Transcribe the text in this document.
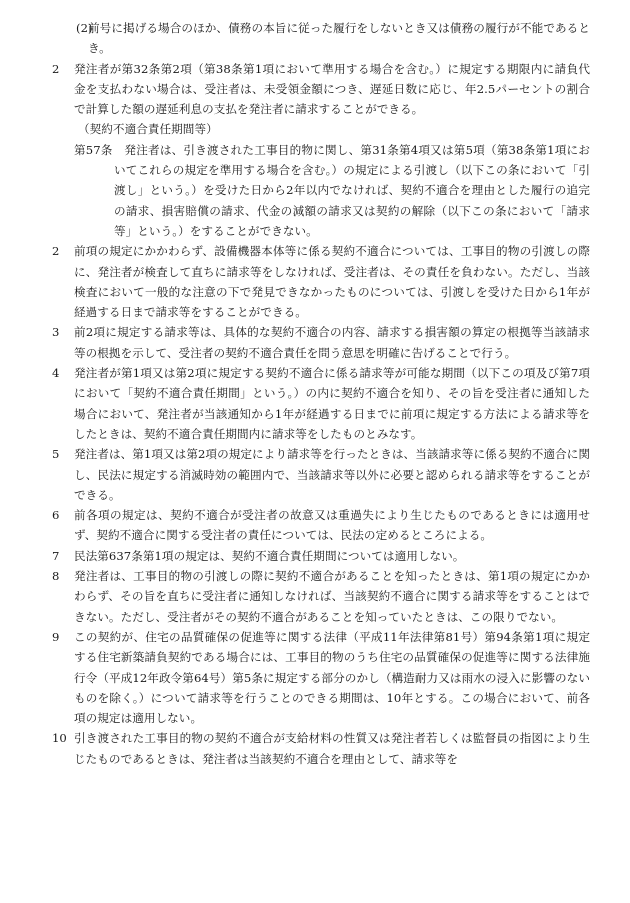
(2)
前号に掲げる場合のほか、債務の本旨に従った履行をしないとき又は債務の履行が不能であるとき。

2 発注者が第32条第2項（第38条第1項において準用する場合を含む。）に規定する期限内に請負代金を支払わない場合は、受注者は、未受領金額につき、遅延日数に応じ、年2.5パーセントの割合で計算した額の遅延利息の支払を発注者に請求することができる。

（契約不適合責任期間等）

第57条　 発注者は、引き渡された工事目的物に関し、第31条第4項又は第5項（第38条第1項においてこれらの規定を準用する場合を含む。）の規定による引渡し（以下この条において「引渡し」という。）を受けた日から2年以内でなければ、契約不適合を理由とした履行の追完の請求、損害賠償の請求、代金の減額の請求又は契約の解除（以下この条において「請求等」という。）をすることができない。

2 前項の規定にかかわらず、設備機器本体等に係る契約不適合については、工事目的物の引渡しの際に、発注者が検査して直ちに請求等をしなければ、受注者は、その責任を負わない。ただし、当該検査において一般的な注意の下で発見できなかったものについては、引渡しを受けた日から1年が経過する日まで請求等をすることができる。

3 前2項に規定する請求等は、具体的な契約不適合の内容、請求する損害額の算定の根拠等当該請求等の根拠を示して、受注者の契約不適合責任を問う意思を明確に告げることで行う。

4 発注者が第1項又は第2項に規定する契約不適合に係る請求等が可能な期間（以下この項及び第7項において「契約不適合責任期間」という。）の内に契約不適合を知り、その旨を受注者に通知した場合において、発注者が当該通知から1年が経過する日までに前項に規定する方法による請求等をしたときは、契約不適合責任期間内に請求等をしたものとみなす。

5 発注者は、第1項又は第2項の規定により請求等を行ったときは、当該請求等に係る契約不適合に関し、民法に規定する消滅時効の範囲内で、当該請求等以外に必要と認められる請求等をすることができる。

6 前各項の規定は、契約不適合が受注者の故意又は重過失により生じたものであるときには適用せず、契約不適合に関する受注者の責任については、民法の定めるところによる。

7 民法第637条第1項の規定は、契約不適合責任期間については適用しない。

8 発注者は、工事目的物の引渡しの際に契約不適合があることを知ったときは、第1項の規定にかかわらず、その旨を直ちに受注者に通知しなければ、当該契約不適合に関する請求等をすることはできない。ただし、受注者がその契約不適合があることを知っていたときは、この限りでない。

9 この契約が、住宅の品質確保の促進等に関する法律（平成11年法律第81号）第94条第1項に規定する住宅新築請負契約である場合には、工事目的物のうち住宅の品質確保の促進等に関する法律施行令（平成12年政令第64号）第5条に規定する部分のかし（構造耐力又は雨水の浸入に影響のないものを除く。）について請求等を行うことのできる期間は、10年とする。この場合において、前各項の規定は適用しない。

10 引き渡された工事目的物の契約不適合が支給材料の性質又は発注者若しくは監督員の指図により生じたものであるときは、発注者は当該契約不適合を理由として、請求等を
